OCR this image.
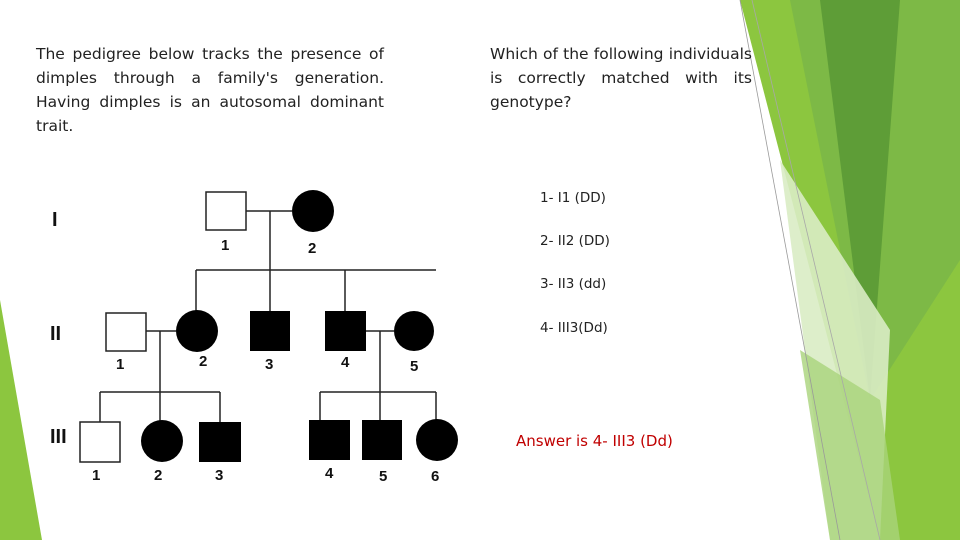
The pedigree below tracks the presence of dimples through a family's generation. Having dimples is an autosomal dominant trait.
Which of the following individuals is correctly matched with its genotype?
1- I1 (DD)
2- II2 (DD)
3- II3 (dd)
4- III3(Dd)
Answer is 4- III3 (Dd)
I
II
III
1	2
1	2	3	4	5
1	2	3	4	5	6
